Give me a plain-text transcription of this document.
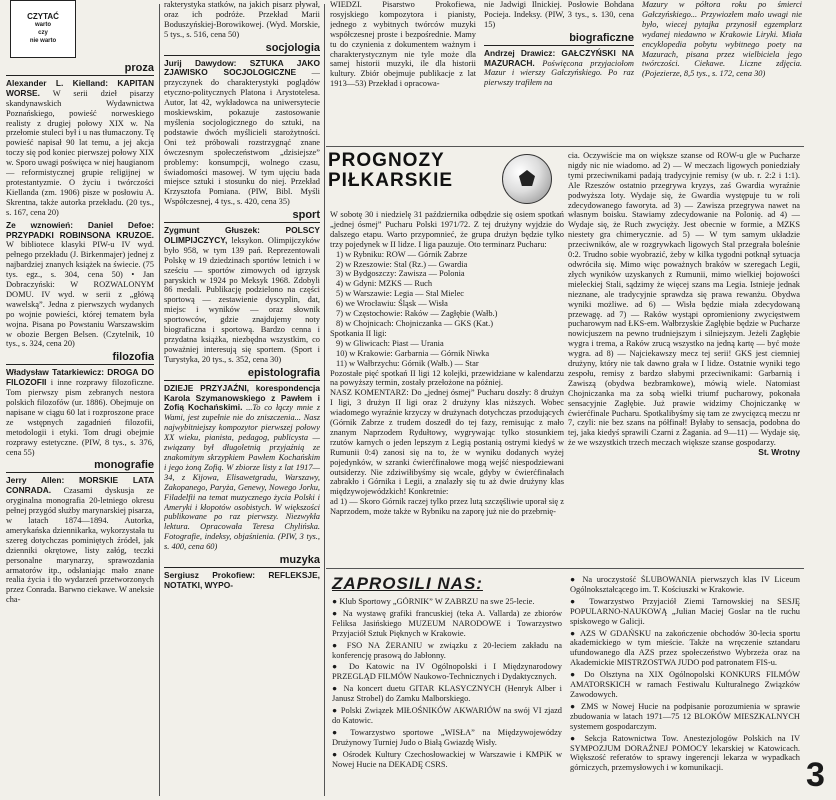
CZYTAĆ
warto
czy
nie warto
proza

Alexander L. Kielland: KAPITAN WORSE. W serii dzieł pisarzy skandynawskich Wydawnictwa Poznańskiego, powieść norweskiego realisty z drugiej połowy XIX w. Na przełomie stuleci był i u nas tłumaczony. Tę powieść napisał 90 lat temu, a jej akcja toczy się pod koniec pierwszej połowy XIX w. Sporo uwagi poświęca w niej haugianom — reformistycznej grupie religijnej w protestantyzmie. O życiu i twórczości Kiellanda (zm. 1906) pisze w posłowiu A. Skrentna, także autorka przekładu. (20 tys., s. 167, cena 20)

Ze wznowień: Daniel Defoe: PRZYPADKI ROBINSONA KRUZOE. W bibliotece klasyki PIW-u IV wyd. pełnego przekładu (J. Birkenmajer) jednej z najbardziej znanych książek na świecie. (75 tys. egz., s. 304, cena 50) • Jan Dobraczyński: W ROZWALONYM DOMU. IV wyd. w serii z „główą wawelską”. Jedna z pierwszych wydanych po wojnie powieści, której tematem była wojna. Pisana po Powstaniu Warszawskim w obozie Bergen Belsen. (Czytelnik, 10 tys., s. 324, cena 20)

filozofia

Władysław Tatarkiewicz: DROGA DO FILOZOFII i inne rozprawy filozoficzne. Tom pierwszy pism zebranych nestora polskich filozofów (ur. 1886). Obejmuje on napisane w ciągu 60 lat i rozproszone prace ze wstępnych zagadnień filozofii, metodologii i etyki. Tom drugi obejmie rozprawy estetyczne. (PIW, 8 tys., s. 376, cena 55)

monografie

Jerry Allen: MORSKIE LATA CONRADA. Czasami dyskusja ze oryginalna monografia 20-letniego okresu pełnej przygód służby marynarskiej pisarza, w latach 1874—1894. Autorka, amerykańska dziennikarka, wykorzystała tu szereg dotychczas pominiętych źródeł, jak dzienniki okrętowe, listy załóg, teczki personalne marynarzy, sprawozdania armatorów itp., odsłaniając mało znane realia życia i tło wydarzeń przetworzonych przez Conrada. Barwno ciekawe. W aneksie cha-

rakterystyka statków, na jakich pisarz pływał, oraz ich podróże. Przekład Marii Boduszyńskiej-Borowikowej. (Wyd. Morskie, 5 tys., s. 516, cena 50)

socjologia

Jurij Dawydow: SZTUKA JAKO ZJAWISKO SOCJOLOGICZNE — przyczynek do charakterystyki poglądów etyczno-politycznych Platona i Arystotelesa. Autor, lat 42, wykładowca na uniwersytecie moskiewskim, pokazuje zastosowanie myślenia socjologicznego do sztuki, na podstawie dwóch myślicieli starożytności. Oni też próbowali rozstrzygnąć znane ówczesnym społeczeństwom „dzisiejsze” problemy: konsumpcji, wolnego czasu, świadomości masowej. W tym ujęciu bada miejsce sztuki i stosunku do niej. Przekład Krzysztofa Pomiana. (PIW, Bibl. Myśli Współczesnej, 4 tys., s. 420, cena 35)

sport

Zygmunt Głuszek: POLSCY OLIMPIJCZYCY, leksykon. Olimpijczyków było 958, w tym 139 pań. Reprezentowali Polskę w 19 dziedzinach sportów letnich i w sześciu — sportów zimowych od igrzysk paryskich w 1924 po Meksyk 1968. Zdobyli 86 medali. Publikację podzielono na części sportową — zestawienie dyscyplin, dat, miejsc i wyników — oraz słownik sportowców, gdzie znajdujemy noty biograficzna i sportową. Bardzo cenna i przydatna książka, niezbędna wszystkim, co poważniej interesują się sportem. (Sport i Turystyka, 20 tys., s. 352, cena 30)

epistolografia

DZIEJE PRZYJAŹNI, korespondencja Karola Szymanowskiego z Pawłem i Zofią Kochańskimi. ...To co łączy mnie z Wami, jest zupełnie nie do zniszczenia... Nasz najwybitniejszy kompozytor pierwszej połowy XX wieku, pianista, pedagog, publicysta — związany był długoletnią przyjaźnią ze znakomitym skrzypkiem Pawłem Kochańskim i jego żoną Zofią. W zbiorze listy z lat 1917—34, z Kijowa, Elisawetgradu, Warszawy, Zakopanego, Paryża, Genewy, Nowego Jorku, Filadelfii na temat muzycznego życia Polski i Ameryki i kłopotów osobistych. W większości publikowane po raz pierwszy. Niezwykła lektura. Opracowała Teresa Chylińska. Fotografie, indeksy, objaśnienia. (PIW, 3 tys., s. 400, cena 60)

muzyka

Sergiusz Prokofiew: REFLEKSJE, NOTATKI, WYPO-

WIEDZI. Pisarstwo Prokofiewa, rosyjskiego kompozytora i pianisty, jednego z wybitnych twórców muzyki współczesnej proste i bezpośrednie. Mamy tu do czynienia z dokumentem ważnym i charakterystycznym nie tyle może dla samej historii muzyki, ile dla historii kultury. Zbiór obejmuje publikacje z lat 1913—53) Przekład i opracowa-

nie Jadwigi Ilnickiej. Posłowie Bohdana Pocieja. Indeksy. (PIW, 3 tys., s. 130, cena 15)

biograficzne

Andrzej Drawicz: GAŁCZYŃSKI NA MAZURACH. Poświęcona przyjaciołom Mazur i wierszy Gałczyńskiego. Po raz pierwszy trafiłem na

Mazury w półtora roku po śmierci Gałczyńskiego... Przywiozłem mało uwagi nie było, wiecej pytajka przynosił egzemplarz wydanej niedawno w Krakowie Liryki. Miała encyklopedia pobytu wybitnego poety na Mazurach, pisana przez wielbiciela jego twórczości. Ciekawe. Liczne zdjęcia. (Pojezierze, 8,5 tys., s. 172, cena 30)

PROGNOZY
PIŁKARSKIE

W sobotę 30 i niedzielę 31 października odbędzie się osiem spotkań „jednej ósmej” Pucharu Polski 1971/72. Z tej drużyny wyjdzie do dalszego etapu. Warto przypomnieć, że grupa drużyn będzie tylko trzy pojedynek w II lidze. I liga pauzuje. Oto terminarz Pucharu:

1) w Rybniku: ROW — Górnik Zabrze

2) w Rzeszowie: Stal (Rz.) — Gwardia

3) w Bydgoszczy: Zawisza — Polonia

4) w Gdyni: MZKS — Ruch

5) w Warszawie: Legia — Stal Mielec

6) we Wrocławiu: Śląsk — Wisła

7) w Częstochowie: Raków — Zagłębie (Wałb.)

8) w Chojnicach: Chojniczanka — GKS (Kat.)

Spotkania II ligi:

9) w Gliwicach: Piast — Urania

10) w Krakowie: Garbarnia — Górnik Niwka

11) w Wałbrzychu: Górnik (Wałb.) — Star

Pozostałe pięć spotkań II ligi 12 kolejki, przewidziane w kalendarzu na powyższy termin, zostały przełożone na później.

NASZ KOMENTARZ: Do „jednej ósmej” Pucharu doszły: 8 drużyn I ligi, 3 drużyn II ligi oraz 2 drużyny klas niższych. Wobec wiadomego wyraźnie krzyczy w drużynach dotychczas przodujących (Górnik Zabrze z trudem doszedł do tej fazy, remisując z mało znanym Naprzodem Rydułtowy, wygrywając tylko stosunkiem rzutów karnych o jeden lepszym z Legią postanią ostrymi kiedyś w Rumunii 0:4) zanosi się na to, że w wyniku dodanych wyżej pojedynków, w szranki ćwierćfinałowe mogą wejść niespodziewani outsiderzy. Nie zdziwiłibyśmy się wcale, gdyby w ćwierćfinałach zabrakło i Górnika i Legii, a znalazły się tu aż dwie drużyny klas międzywojewódzkich! Konkretnie:

ad 1) — Skoro Górnik raczej tylko przez lutą szczęśliwie uporał się z Naprzodem, może także w Rybniku na zaporę już nie do przebrnię-

cia. Oczywiście ma on większe szanse od ROW-u gle w Pucharze nigdy nic nie wiadomo. ad 2) — W meczach ligowych poniedziały tymi przeciwnikami padają tradycyjnie remisy (w ub. r. 2:2 i 1:1). Ale Rzeszów ostatnio przegrywa kryzys, zaś Gwardia wyraźnie podwyższa loty. Wydaje się, że Gwardia występuje tu w roli zdecydowanego faworyta. ad 3) — Zawisza przegrywa nawet na własnym boisku. Stawiamy zdecydowanie na Polonię. ad 4) — Wydaje się, że Ruch zwycięży. Jest obecnie w formie, a MZKS niestety gra chimerycznie. ad 5) — W tym samym układzie przeciwników, ale w rozgrywkach ligowych Stal przegrała boleśnie 0:2. Trudno sobie wyobrazić, żeby w kilka tygodni potknął sytuacja odwróciła się. Mimo więc poważnych braków w szeregach Legii, złych wyników uzyskanych z Rumunii, mimo wielkiej bojowości mieleckiej Stali, sądzimy że więcej szans ma Legia. Istnieje jednak nieznane, ale tradycyjnie sprawdza się prawa rewanżu. Obydwa wyniki możliwe. ad 6) — Wisła będzie miała zdecydowaną przewagę. ad 7) — Raków wystąpi opromieniony zwycięstwem pucharowym nad ŁKS-em. Wałbrzyskie Zagłębie będzie w Pucharze nowicjuszem na pewno trudniejszym i silniejszym. Jeżeli Zagłębie wygra i trema, a Raków zrucą wszystko na jedną kartę — być może wygra. ad 8) — Najciekawszy mecz tej serii! GKS jest ciemniej drużyny, który nie tak dawno grała w I lidze. Ostatnie wyniki tego zespołu, remisy z bardzo słabymi przeciwnikami: Garbarnią i Zawiszą (obydwa bezbramkowe), mówią wiele. Natomiast Chojniczanka ma za sobą wielki triumf pucharowy, pokonała sensacyjnie Zagłębie. Już prawie widzimy Chojniczankę w ćwierćfinale Pucharu. Spotkalibyśmy się tam ze zwycięzcą meczu nr 7, czyli: nie bez szans na półfinał! Byłaby to sensacja, podobna do tej, jaka kiedyś sprawili Czarni z Żagania. ad 9—11) — Wydaje się, że we wszystkich trzech meczach większe szanse gospodarzy.

St. Wrotny

ZAPROSILI NAS:

● Klub Sportowy „GÓRNIK” W ZABRZU na swe 25-lecie.

● Na wystawę grafiki francuskiej (teka A. Vallarda) ze zbiorów Feliksa Jasińskiego MUZEUM NARODOWE i Towarzystwo Przyjaciół Sztuk Pięknych w Krakowie.

● FSO NA ŻERANIU w związku z 20-leciem zakładu na konferencję prasową do Jabłonny.

● Do Katowic na IV Ogólnopolski i I Międzynarodowy PRZEGLĄD FILMÓW Naukowo-Technicznych i Dydaktycznych.

● Na koncert duetu GITAR KLASYCZNYCH (Henryk Alber i Janusz Strobel) do Zamku Malborskiego.

● Polski Związek MIŁOŚNIKÓW AKWARIÓW na swój VI zjazd do Katowic.

● Towarzystwo sportowe „WISŁA” na Międzywojewódzy Drużynowy Turniej Judo o Białą Gwiazdę Wisły.

● Ośrodek Kultury Czechosłowackiej w Warszawie i KMPiK w Nowej Hucie na DEKADĘ CSRS.

● Na uroczystość ŚLUBOWANIA pierwszych klas IV Liceum Ogólnokształcącego im. T. Kościuszki w Krakowie.

● Towarzystwo Przyjaciół Ziemi Tarnowskiej na SESJĘ POPULARNO-NAUKOWĄ „Julian Maciej Goslar na tle ruchu spiskowego w Galicji.

● AZS W GDAŃSKU na zakończenie obchodów 30-lecia sportu akademickiego w tym mieście. Także na wręczenie sztandaru ufundowanego dla AZS przez społeczeństwo Wybrzeża oraz na Akademickie MISTRZOSTWA JUDO pod patronatem FIS-u.

● Do Olsztyna na XIX Ogólnopolski KONKURS FILMÓW AMATORSKICH w ramach Festiwalu Kulturalnego Związków Zawodowych.

● ZMS w Nowej Hucie na podpisanie porozumienia w sprawie zbudowania w latach 1971—75 12 BLOKÓW MIESZKALNYCH systemem gospodarczym.

● Sekcja Ratownictwa Tow. Anestezjologów Polskich na IV SYMPOZJUM DORAŹNEJ POMOCY lekarskiej w Katowicach. Większość referatów to sprawy ingerencji lekarza w wypadkach górniczych, przemysłowych i w komunikacji.	3
